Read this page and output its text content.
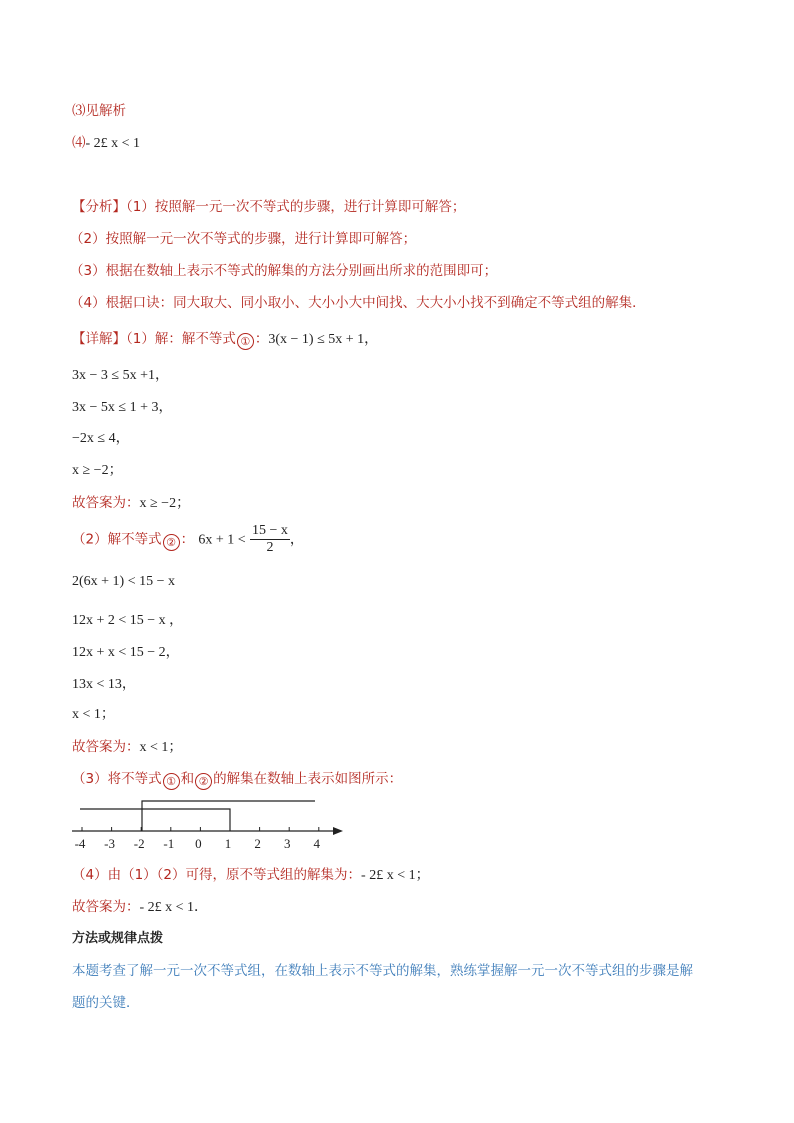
⑶见解析
⑷- 2£ x < 1
【分析】（1）按照解一元一次不等式的步骤，进行计算即可解答；
（2）按照解一元一次不等式的步骤，进行计算即可解答；
（3）根据在数轴上表示不等式的解集的方法分别画出所求的范围即可；
（4）根据口诀：同大取大、同小取小、大小小大中间找、大大小小找不到确定不等式组的解集．
【详解】（1）解：解不等式 ① ：3(x − 1) ≤ 5x + 1，
3x − 3 ≤ 5x +1，
3x − 5x ≤ 1 + 3，
−2x ≤ 4，
x ≥ −2；
故答案为：x ≥ −2；
（2）解不等式 ② ： $6x + 1 < \frac{15 - x}{2}$ ，
2(6x + 1) < 15 − x
12x + 2 < 15 − x ，
12x + x < 15 − 2，
13x < 13，
x < 1；
故答案为：x < 1；
（3）将不等式 ① 和 ② 的解集在数轴上表示如图所示：
-4 -3 -2 -1 0 1 2 3 4
（4）由（1）（2）可得，原不等式组的解集为：- 2£ x < 1；
故答案为：- 2£ x < 1．
方法或规律点拨
本题考查了解一元一次不等式组，在数轴上表示不等式的解集，熟练掌握解一元一次不等式组的步骤是解
题的关键．
